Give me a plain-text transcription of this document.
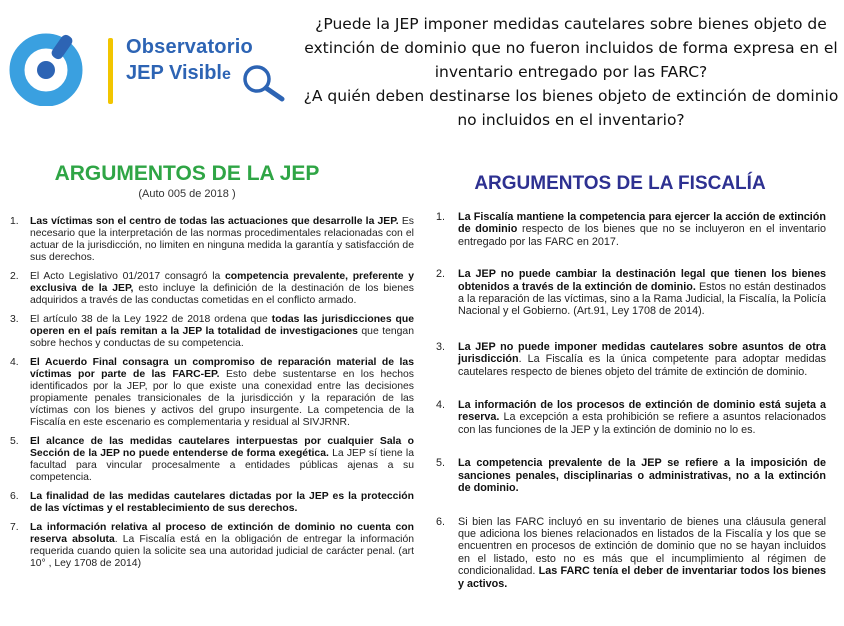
Observatorio
JEP Visible

¿Puede la JEP imponer medidas cautelares sobre bienes objeto de extinción de dominio que no fueron incluidos de forma expresa en el inventario entregado por las FARC?

¿A quién deben destinarse los bienes objeto de extinción de dominio no incluidos en el inventario?

ARGUMENTOS DE LA JEP
(Auto 005 de 2018 )
1. Las víctimas son el centro de todas las actuaciones que desarrolle la JEP. Es necesario que la interpretación de las normas procedimentales relacionadas con el actuar de la jurisdicción, no limiten en ninguna medida la garantía y satisfacción de sus derechos.
2. El Acto Legislativo 01/2017 consagró la competencia prevalente, preferente y exclusiva de la JEP, esto incluye la definición de la destinación de los bienes adquiridos a través de las conductas cometidas en el conflicto armado.
3. El artículo 38 de la Ley 1922 de 2018 ordena que todas las jurisdicciones que operen en el país remitan a la JEP la totalidad de investigaciones que tengan sobre hechos y conductas de su competencia.
4. El Acuerdo Final consagra un compromiso de reparación material de las víctimas por parte de las FARC-EP. Esto debe sustentarse en los hechos identificados por la JEP, por lo que existe una conexidad entre las decisiones propiamente penales transicionales de la jurisdicción y la reparación de las víctimas con los bienes y activos del grupo insurgente. La competencia de la Fiscalía en este escenario es complementaria y residual al SIVJRNR.
5. El alcance de las medidas cautelares interpuestas por cualquier Sala o Sección de la JEP no puede entenderse de forma exegética. La JEP sí tiene la facultad para vincular procesalmente a entidades públicas ajenas a su competencia.
6. La finalidad de las medidas cautelares dictadas por la JEP es la protección de las víctimas y el restablecimiento de sus derechos.
7. La información relativa al proceso de extinción de dominio no cuenta con reserva absoluta. La Fiscalía está en la obligación de entregar la información requerida cuando quien la solicite sea una autoridad judicial de carácter penal. (art 10° , Ley 1708 de 2014)
ARGUMENTOS DE LA FISCALÍA
1. La Fiscalía mantiene la competencia para ejercer la acción de extinción de dominio respecto de los bienes que no se incluyeron en el inventario entregado por las FARC en 2017.
2. La JEP no puede cambiar la destinación legal que tienen los bienes obtenidos a través de la extinción de dominio. Estos no están destinados a la reparación de las víctimas, sino a la Rama Judicial, la Fiscalía, la Policía Nacional y el Gobierno. (Art.91, Ley 1708 de 2014).
3. La JEP no puede imponer medidas cautelares sobre asuntos de otra jurisdicción. La Fiscalía es la única competente para adoptar medidas cautelares respecto de bienes objeto del trámite de extinción de dominio.
4. La información de los procesos de extinción de dominio está sujeta a reserva. La excepción a esta prohibición se refiere a asuntos relacionados con las funciones de la JEP y la extinción de dominio no lo es.
5. La competencia prevalente de la JEP se refiere a la imposición de sanciones penales, disciplinarias o administrativas, no a la extinción de dominio.
6. Si bien las FARC incluyó en su inventario de bienes una cláusula general que adiciona los bienes relacionados en listados de la Fiscalía y los que se encuentren en procesos de extinción de dominio que no se hayan incluidos en el listado, esto no es más que el incumplimiento al régimen de condicionalidad. Las FARC tenía el deber de inventariar todos los bienes y activos.
